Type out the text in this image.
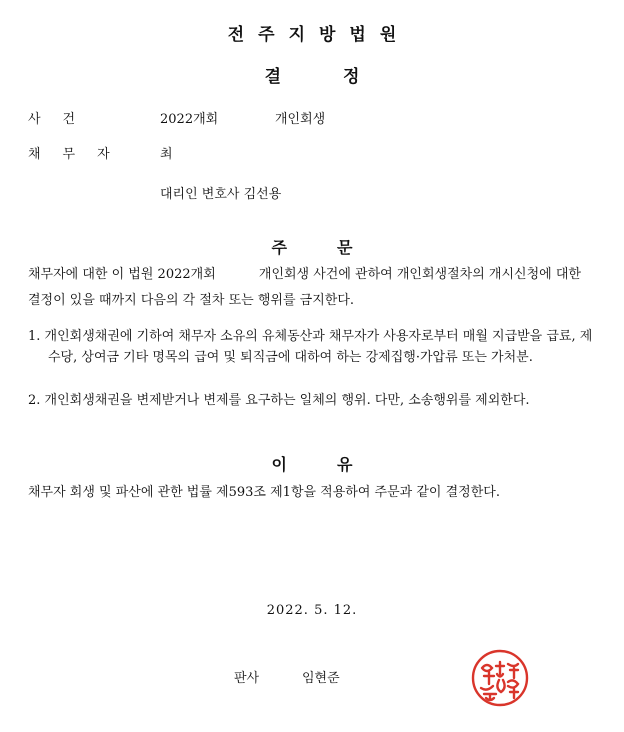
전주지방법원
결정
사건	2022개회	개인회생
채무자 최
대리인 변호사 김선용
주문
채무자에 대한 이 법원 2022개회 　　　개인회생 사건에 관하여 개인회생절차의 개시신청에 대한 결정이 있을 때까지 다음의 각 절차 또는 행위를 금지한다.
1. 개인회생채권에 기하여 채무자 소유의 유체동산과 채무자가 사용자로부터 매월 지급받을 급료, 제수당, 상여금 기타 명목의 급여 및 퇴직금에 대하여 하는 강제집행·가압류 또는 가처분.
2. 개인회생채권을 변제받거나 변제를 요구하는 일체의 행위. 다만, 소송행위를 제외한다.
이유
채무자 회생 및 파산에 관한 법률 제593조 제1항을 적용하여 주문과 같이 결정한다.
2022. 5. 12.
판사	임현준
